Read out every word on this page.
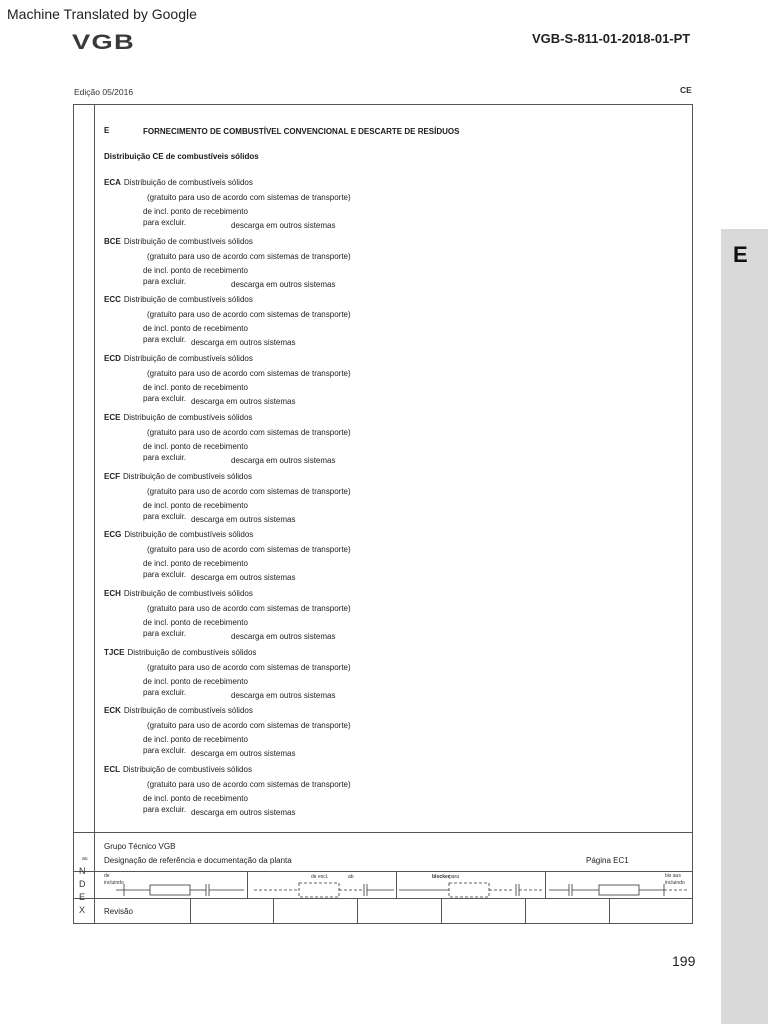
Machine Translated by Google
VGB	VGB-S-811-01-2018-01-PT
Edição 05/2016	CE
E
E	FORNECIMENTO DE COMBUSTÍVEL CONVENCIONAL E DESCARTE DE RESÍDUOS
Distribuição CE de combustíveis sólidos
ECA Distribuição de combustíveis sólidos
(gratuito para uso de acordo com sistemas de transporte)
de incl. ponto de recebimento
para excluir.	descarga em outros sistemas
BCE Distribuição de combustíveis sólidos
(gratuito para uso de acordo com sistemas de transporte)
de incl. ponto de recebimento
para excluir.	descarga em outros sistemas
ECC Distribuição de combustíveis sólidos
(gratuito para uso de acordo com sistemas de transporte)
de incl. ponto de recebimento
para excluir. descarga em outros sistemas
ECD Distribuição de combustíveis sólidos
(gratuito para uso de acordo com sistemas de transporte)
de incl. ponto de recebimento
para excluir. descarga em outros sistemas
ECE Distribuição de combustíveis sólidos
(gratuito para uso de acordo com sistemas de transporte)
de incl. ponto de recebimento
para excluir.	descarga em outros sistemas
ECF Distribuição de combustíveis sólidos
(gratuito para uso de acordo com sistemas de transporte)
de incl. ponto de recebimento
para excluir. descarga em outros sistemas
ECG Distribuição de combustíveis sólidos
(gratuito para uso de acordo com sistemas de transporte)
de incl. ponto de recebimento
para excluir. descarga em outros sistemas
ECH Distribuição de combustíveis sólidos
(gratuito para uso de acordo com sistemas de transporte)
de incl. ponto de recebimento
para excluir.	descarga em outros sistemas
TJCE Distribuição de combustíveis sólidos
(gratuito para uso de acordo com sistemas de transporte)
de incl. ponto de recebimento
para excluir.	descarga em outros sistemas
ECK Distribuição de combustíveis sólidos
(gratuito para uso de acordo com sistemas de transporte)
de incl. ponto de recebimento
para excluir. descarga em outros sistemas
ECL Distribuição de combustíveis sólidos
(gratuito para uso de acordo com sistemas de transporte)
de incl. ponto de recebimento
para excluir. descarga em outros sistemas
Grupo Técnico VGB
Designação de referência e documentação da planta	Página EC1
au
N
D
E
X Revisão
de
incluindo
de excl.	ab	blocker para	bis aus
incluindo
199
